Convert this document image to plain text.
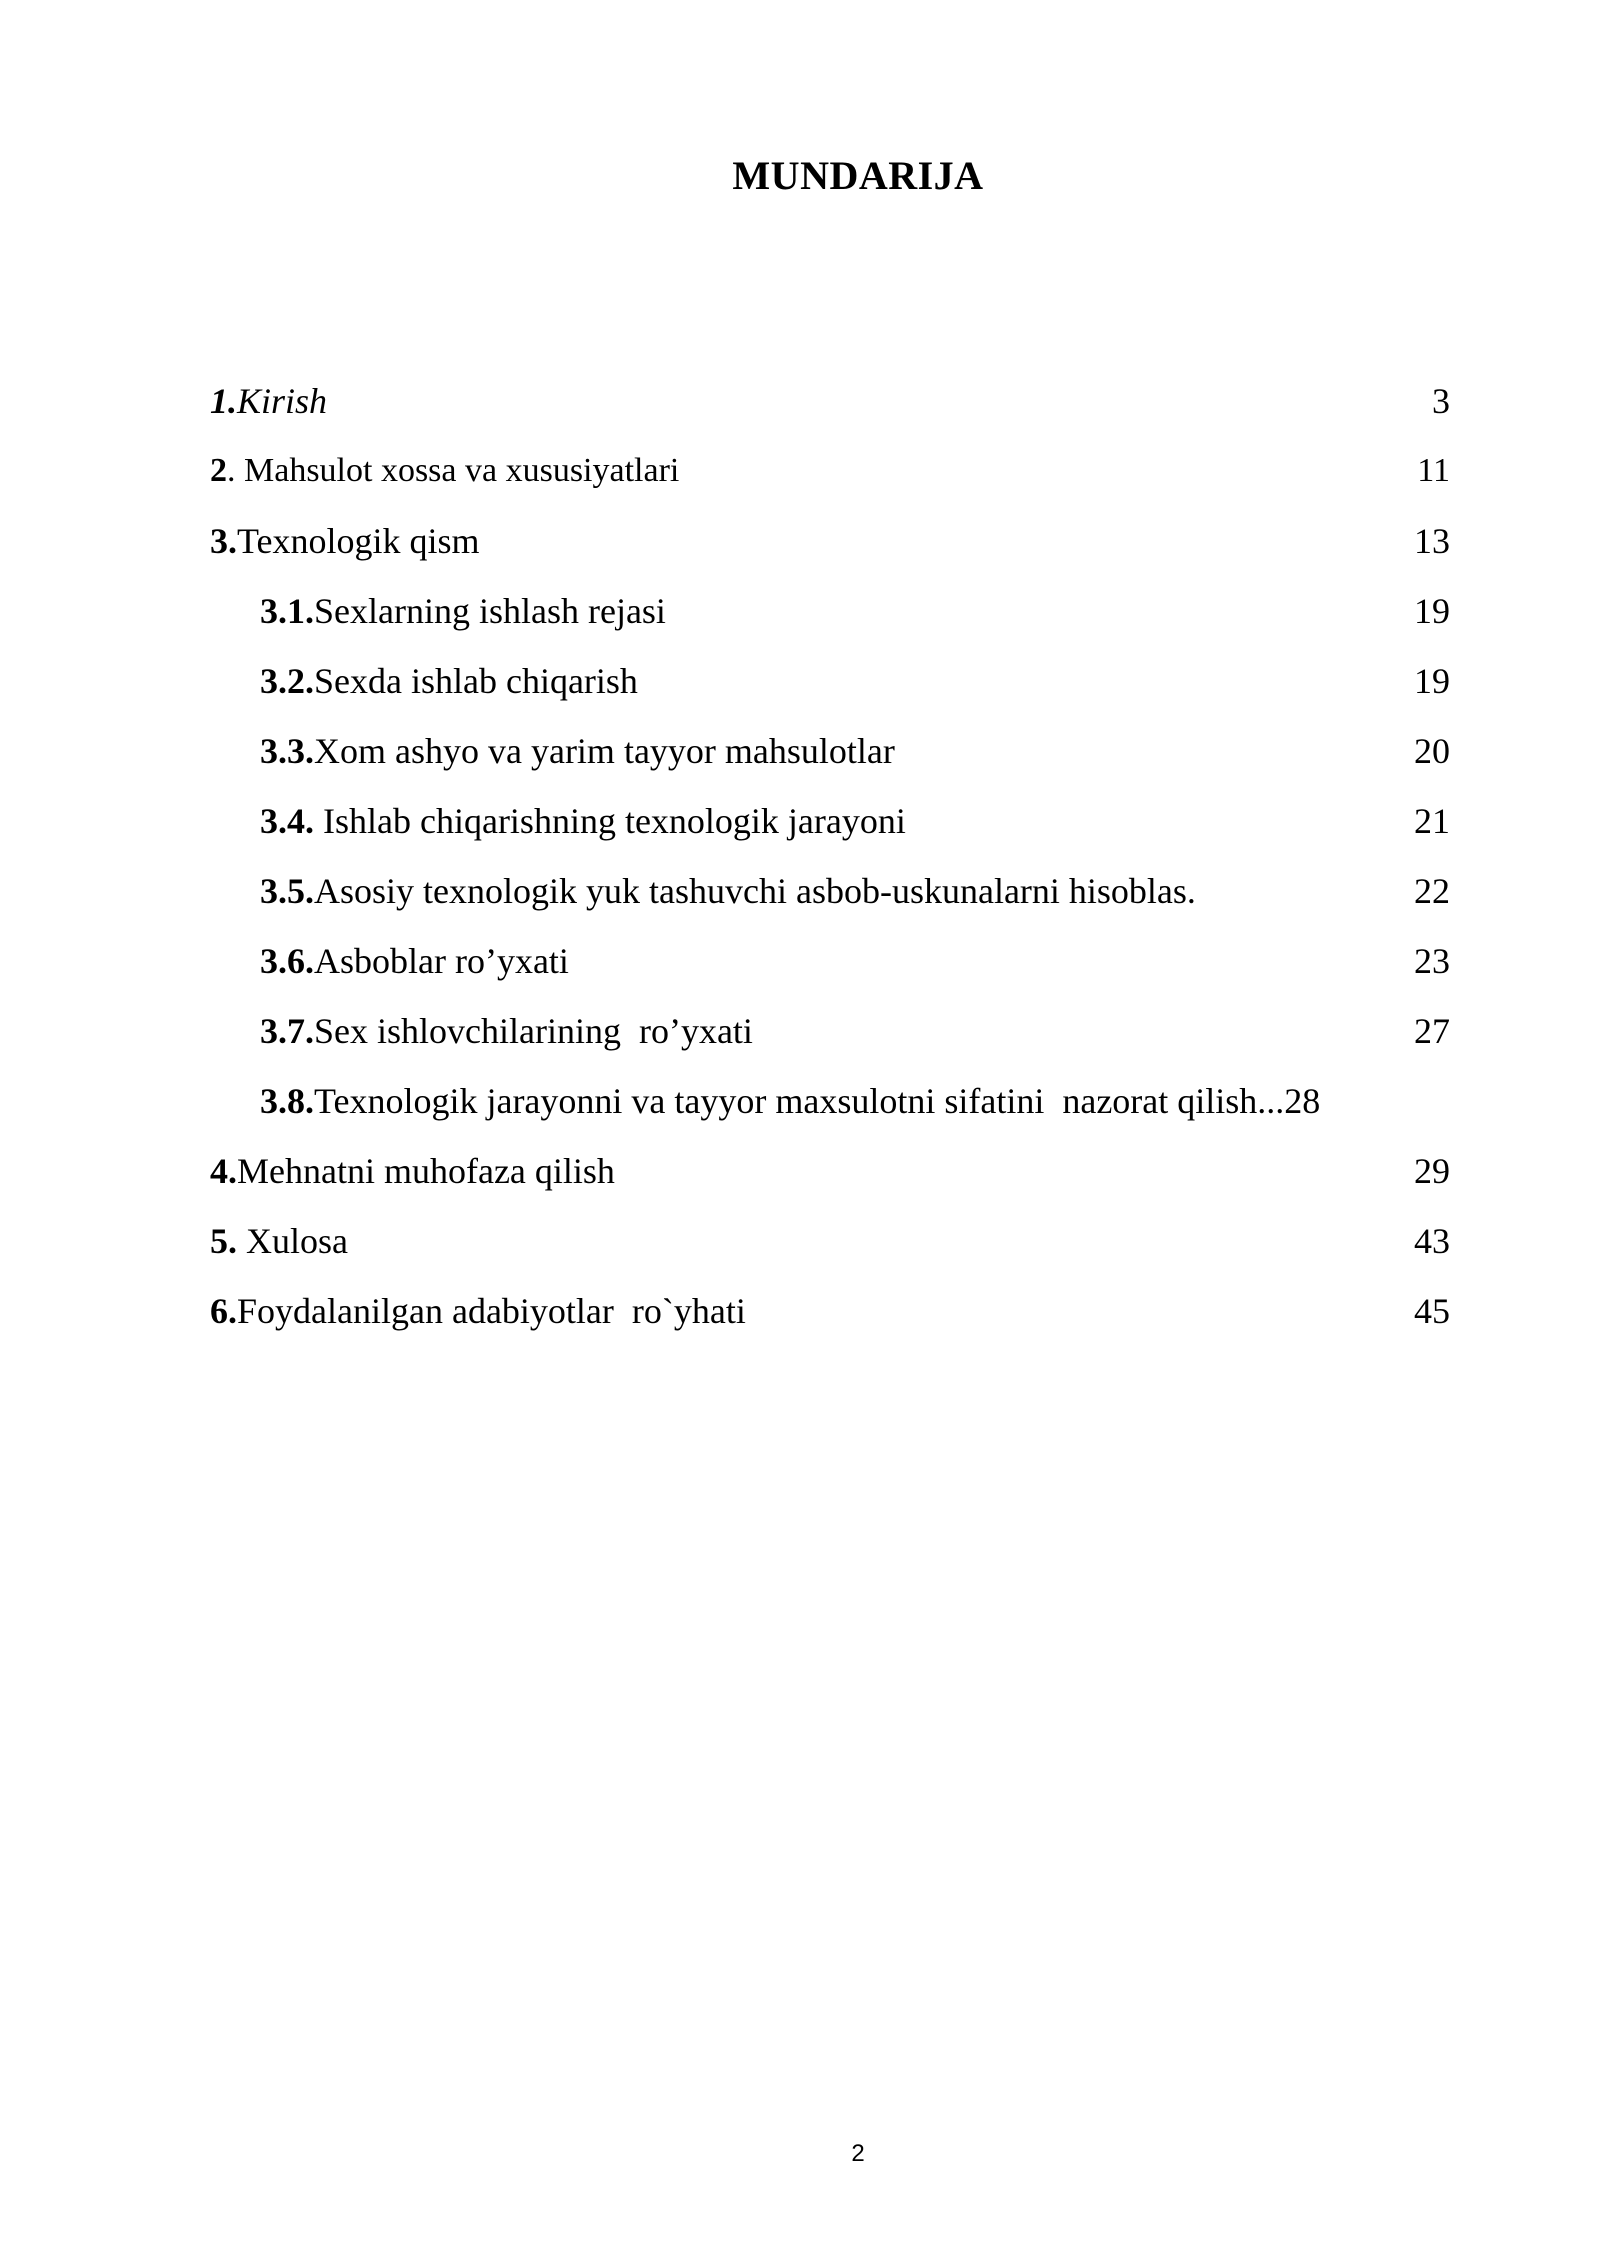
MUNDARIJA
1. Kirish	3
2 . Mahsulot xossa va xususiyatlari	11
3. Texnologik qism	13
3.1. Sexlarning ishlash rejasi	19
3.2. Sexda ishlab chiqarish	19
3.3. Xom ashyo va yarim tayyor mahsulotlar	20
3.4. Ishlab chiqarishning texnologik jarayoni	21
3.5. Asosiy texnologik yuk tashuvchi asbob-uskunalarni hisoblas.	22
3.6. Asboblar ro’yxati	23
3.7. Sex ishlovchilarining  ro’yxati	27
3.8. Texnologik jarayonni va tayyor maxsulotni sifatini  nazorat qilish... 28
4. Mehnatni muhofaza qilish	29
5. Xulosa	43
6. Foydalanilgan adabiyotlar  ro`yhati	45
2
